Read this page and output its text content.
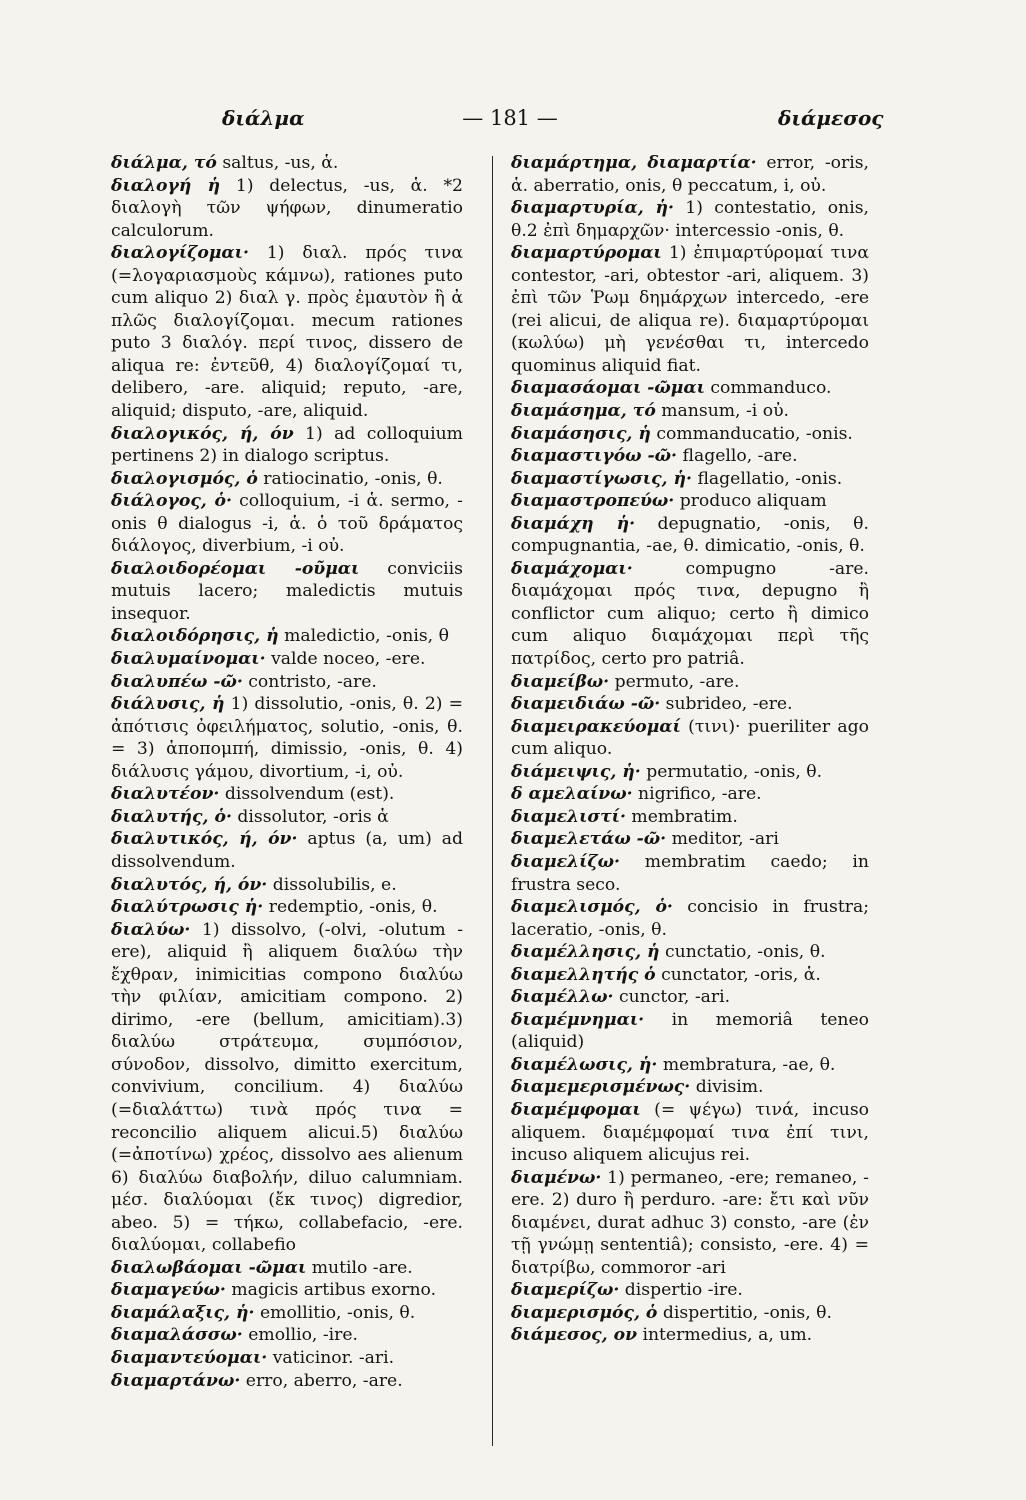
διάλμα	— 181 —	διάμεσος

διάλμα, τό saltus, -us, ἁ.

διαλογή ἡ 1) delectus, -us, ἁ. *2 διαλογὴ τῶν ψήφων, dinumeratio calculorum.

διαλογίζομαι· 1) διαλ. πρός τινα (=λογαριασμοὺς κάμνω), rationes puto cum aliquo 2) διαλ γ. πρὸς ἐμαυτὸν ἢ ἀ πλῶς διαλογίζομαι. mecum rationes puto 3 διαλόγ. περί τινος, dissero de aliqua re: ἐντεῦθ, 4) διαλογίζομαί τι, delibero, -are. aliquid; reputo, -are, aliquid; disputo, -are, aliquid.

διαλογικός, ή, όν 1) ad colloquium pertinens 2) in dialogo scriptus.

διαλογισμός, ὁ ratiocinatio, -onis, θ.

διάλογος, ὁ· colloquium, -i ἁ. sermo, -onis θ dialogus -i, ἁ. ὁ τοῦ δράματος διάλογος, diverbium, -i οὐ.

διαλοιδορέομαι -οῦμαι conviciis mutuis lacero; maledictis mutuis insequor.

διαλοιδόρησις, ἡ maledictio, -onis, θ

διαλυμαίνομαι· valde noceo, -ere.

διαλυπέω -ῶ· contristo, -are.

διάλυσις, ἡ 1) dissolutio, -onis, θ. 2) = ἀπότισις ὀφειλήματος, solutio, -onis, θ. = 3) ἀποπομπή, dimissio, -onis, θ. 4) διάλυσις γάμου, divortium, -i, οὐ.

διαλυτέον· dissolvendum (est).

διαλυτής, ὁ· dissolutor, -oris ἁ

διαλυτικός, ή, όν· aptus (a, um) ad dissolvendum.

διαλυτός, ή, όν· dissolubilis, e.

διαλύτρωσις ἡ· redemptio, -onis, θ.

διαλύω· 1) dissolvo, (-olvi, -olutum -ere), aliquid ἢ aliquem διαλύω τὴν ἔχθραν, inimicitias compono διαλύω τὴν φιλίαν, amicitiam compono. 2) dirimo, -ere (bellum, amicitiam).3) διαλύω στράτευμα, συμπόσιον, σύνοδον, dissolvo, dimitto exercitum, convivium, concilium. 4) διαλύω (=διαλάττω) τινὰ πρός τινα = reconcilio aliquem alicui.5) διαλύω (=ἀποτίνω) χρέος, dissolvo aes alienum 6) διαλύω διαβολήν, diluo calumniam. μέσ. διαλύομαι (ἔκ τινος) digredior, abeo. 5) = τήκω, collabefacio, -ere. διαλύομαι, collabefio

διαλωβάομαι -ῶμαι mutilo -are.

διαμαγεύω· magicis artibus exorno.

διαμάλαξις, ἡ· emollitio, -onis, θ.

διαμαλάσσω· emollio, -ire.

διαμαντεύομαι· vaticinor. -ari.

διαμαρτάνω· erro, aberro, -are.

διαμάρτημα, διαμαρτία· error, -oris, ἁ. aberratio, onis, θ peccatum, i, οὐ.

διαμαρτυρία, ἡ· 1) contestatio, onis, θ.2 ἐπὶ δημαρχῶν· intercessio -onis, θ.

διαμαρτύρομαι 1) ἐπιμαρτύρομαί τινα contestor, -ari, obtestor -ari, aliquem. 3) ἐπὶ τῶν Ῥωμ δημάρχων intercedo, -ere (rei alicui, de aliqua re). διαμαρτύρομαι (κωλύω) μὴ γενέσθαι τι, intercedo quominus aliquid fiat.

διαμασάομαι -ῶμαι commanduco.

διαμάσημα, τό mansum, -i οὐ.

διαμάσησις, ἡ commanducatio, -onis.

διαμαστιγόω -ῶ· flagello, -are.

διαμαστίγωσις, ἡ· flagellatio, -onis.

διαμαστροπεύω· produco aliquam

διαμάχη ἡ· depugnatio, -onis, θ. compugnantia, -ae, θ. dimicatio, -onis, θ.

διαμάχομαι· compugno -are. διαμάχομαι πρός τινα, depugno ἢ conflictor cum aliquo; certo ἢ dimico cum aliquo διαμάχομαι περὶ τῆς πατρίδος, certo pro patriâ.

διαμείβω· permuto, -are.

διαμειδιάω -ῶ· subrideo, -ere.

διαμειρακεύομαί (τινι)· pueriliter ago cum aliquo.

διάμειψις, ἡ· permutatio, -onis, θ.

δ αμελαίνω· nigrifico, -are.

διαμελιστί· membratim.

διαμελετάω -ῶ· meditor, -ari

διαμελίζω· membratim caedo; in frustra seco.

διαμελισμός, ὁ· concisio in frustra; laceratio, -onis, θ.

διαμέλλησις, ἡ cunctatio, -onis, θ.

διαμελλητής ὁ cunctator, -oris, ἁ.

διαμέλλω· cunctor, -ari.

διαμέμνημαι· in memoriâ teneo (aliquid)

διαμέλωσις, ἡ· membratura, -ae, θ.

διαμεμερισμένως· divisim.

διαμέμφομαι (= ψέγω) τινά, incuso aliquem. διαμέμφομαί τινα ἐπί τινι, incuso aliquem alicujus rei.

διαμένω· 1) permaneo, -ere; remaneo, -ere. 2) duro ἢ perduro. -are: ἔτι καὶ νῦν διαμένει, durat adhuc 3) consto, -are (ἐν τῇ γνώμῃ sententiâ); consisto, -ere. 4) = διατρίβω, commoror -ari

διαμερίζω· dispertio -ire.

διαμερισμός, ὁ dispertitio, -onis, θ.

διάμεσος, ον intermedius, a, um.
